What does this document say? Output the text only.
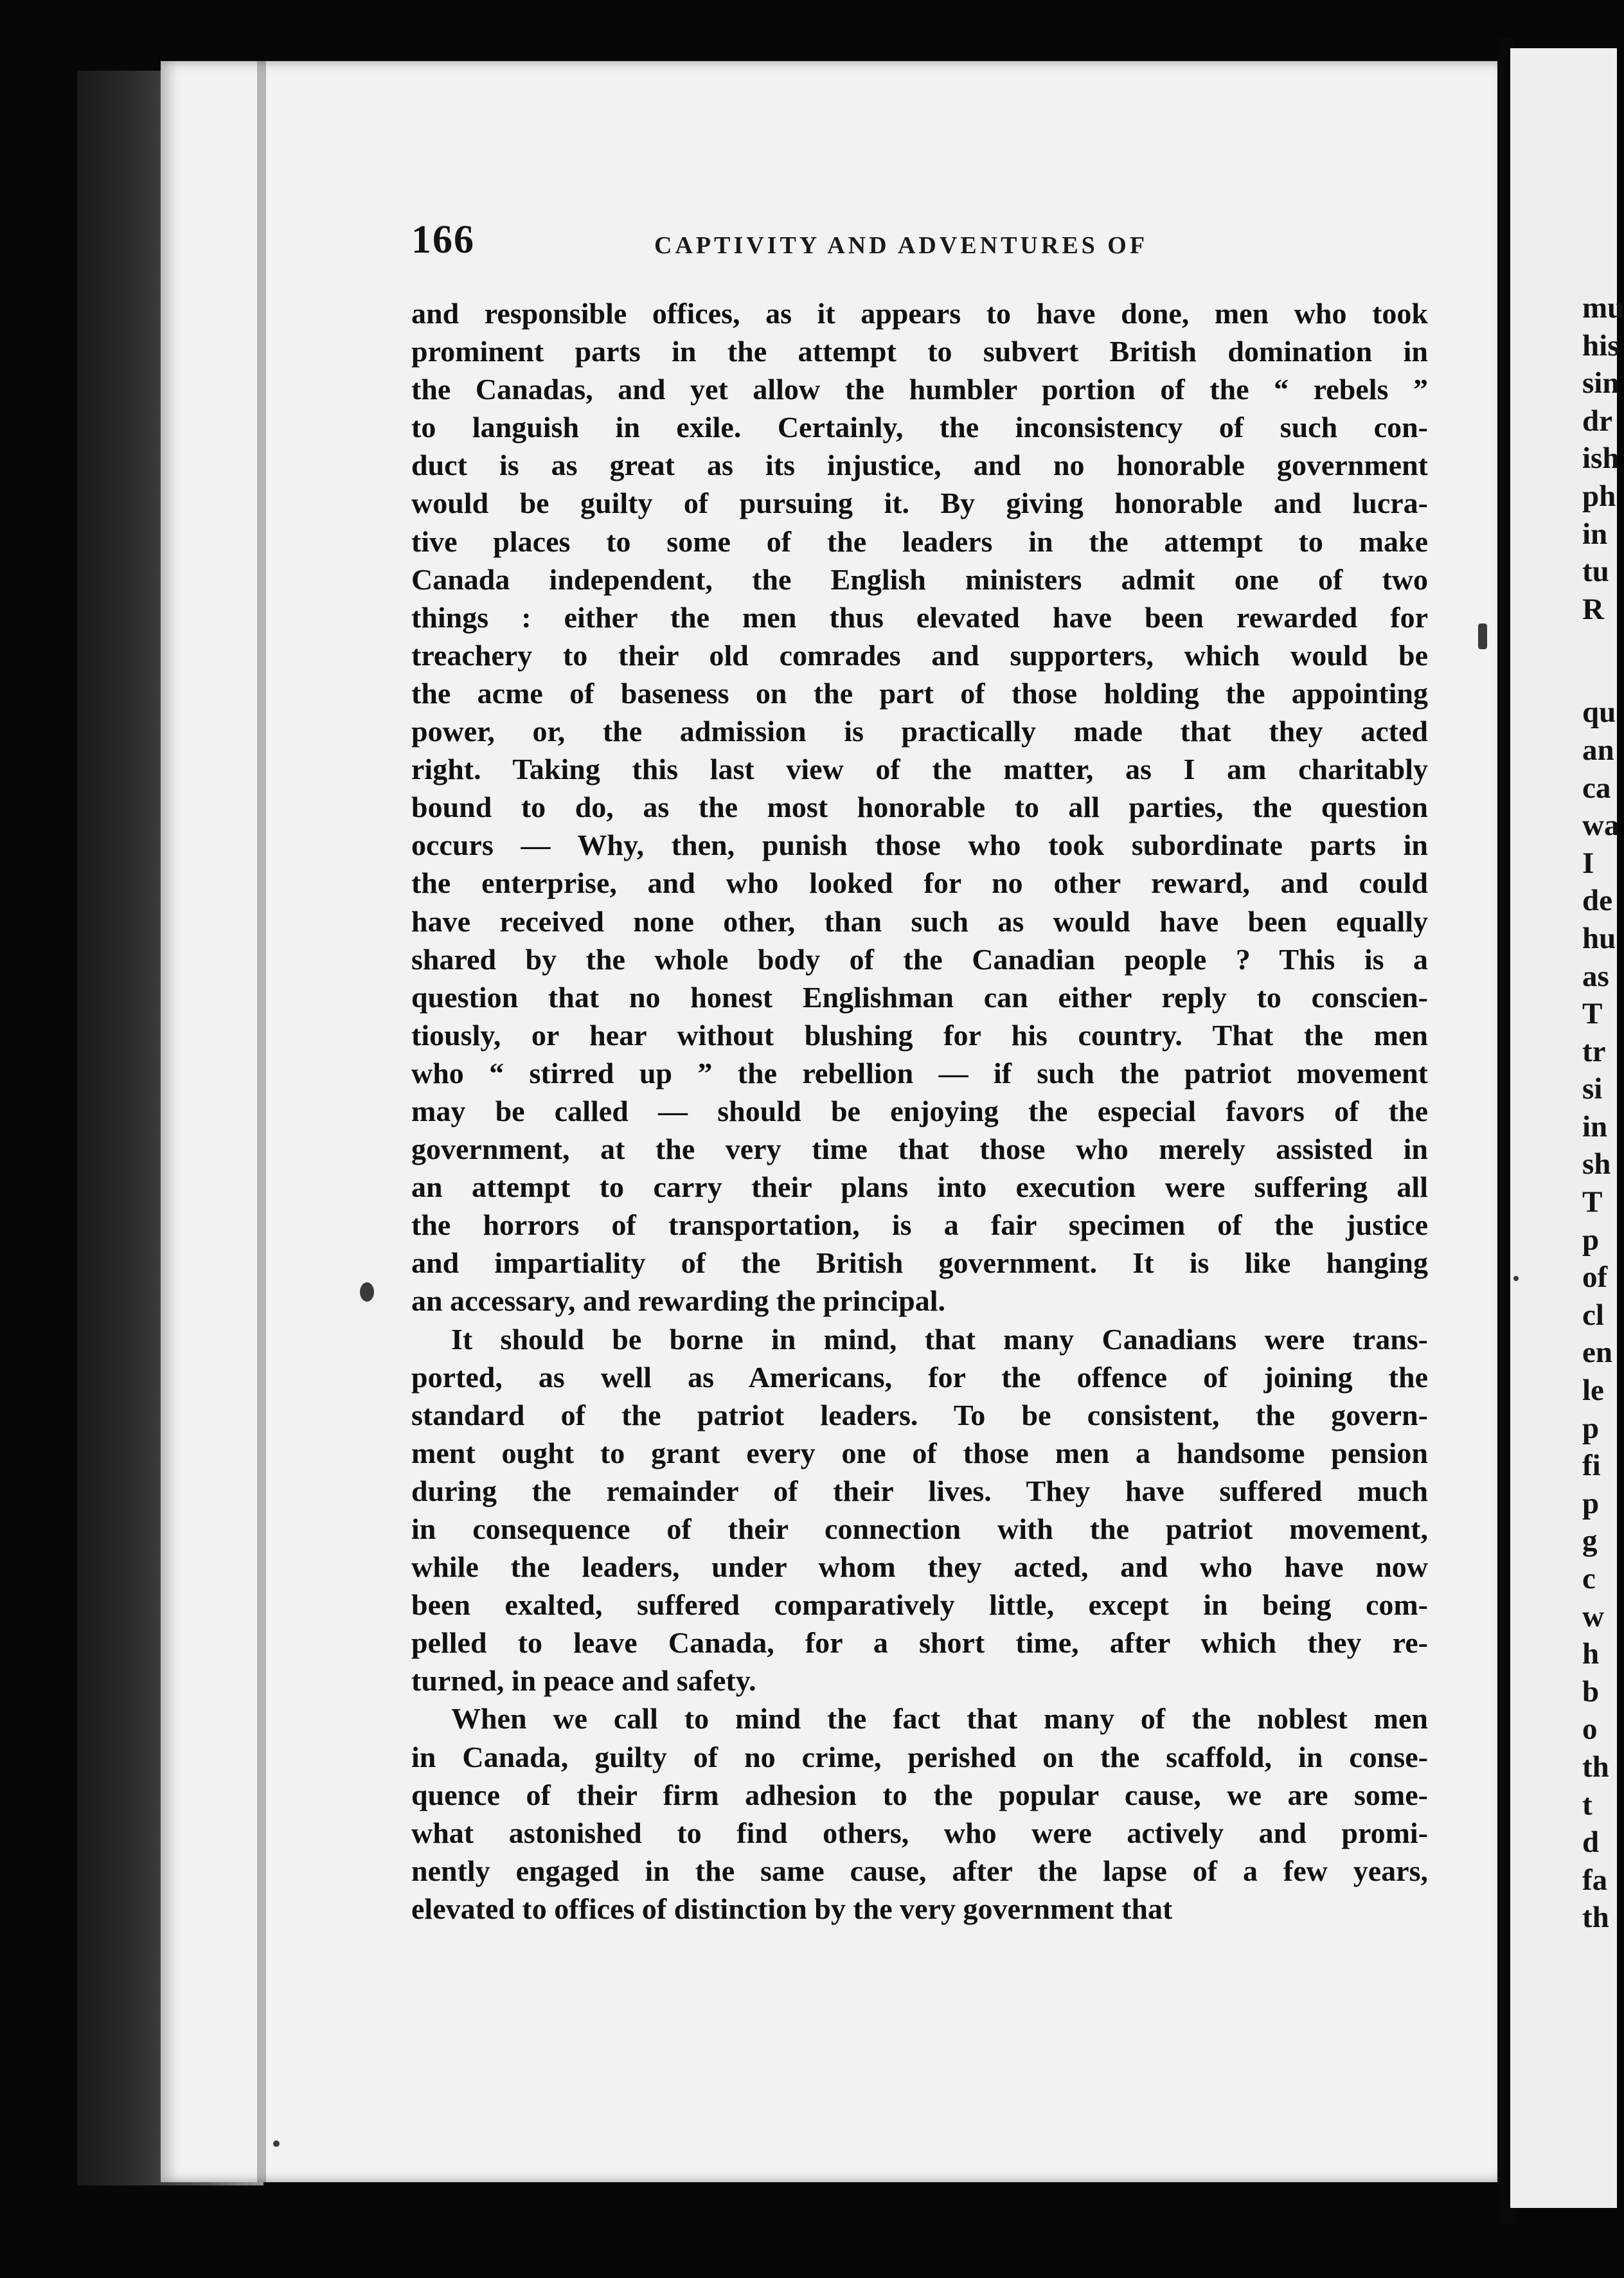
mu
his
sin
dr
ish
ph
in
tu
R
qu
an
ca
wa
I
de
hu
as
T
tr
si
in
sh
T
p
of
cl
en
le
p
fi
p
g
c
w
h
b
o
th
t
d
fa
th
166	CAPTIVITY AND ADVENTURES OF
and responsible offices, as it appears to have done, men who took
prominent parts in the attempt to subvert British domination in
the Canadas, and yet allow the humbler portion of the “ rebels ”
to languish in exile. Certainly, the inconsistency of such con-
duct is as great as its injustice, and no honorable government
would be guilty of pursuing it. By giving honorable and lucra-
tive places to some of the leaders in the attempt to make
Canada independent, the English ministers admit one of two
things : either the men thus elevated have been rewarded for
treachery to their old comrades and supporters, which would be
the acme of baseness on the part of those holding the appointing
power, or, the admission is practically made that they acted
right. Taking this last view of the matter, as I am charitably
bound to do, as the most honorable to all parties, the question
occurs — Why, then, punish those who took subordinate parts in
the enterprise, and who looked for no other reward, and could
have received none other, than such as would have been equally
shared by the whole body of the Canadian people ? This is a
question that no honest Englishman can either reply to conscien-
tiously, or hear without blushing for his country. That the men
who “ stirred up ” the rebellion — if such the patriot movement
may be called — should be enjoying the especial favors of the
government, at the very time that those who merely assisted in
an attempt to carry their plans into execution were suffering all
the horrors of transportation, is a fair specimen of the justice
and impartiality of the British government. It is like hanging
an accessary, and rewarding the principal.
It should be borne in mind, that many Canadians were trans-
ported, as well as Americans, for the offence of joining the
standard of the patriot leaders. To be consistent, the govern-
ment ought to grant every one of those men a handsome pension
during the remainder of their lives. They have suffered much
in consequence of their connection with the patriot movement,
while the leaders, under whom they acted, and who have now
been exalted, suffered comparatively little, except in being com-
pelled to leave Canada, for a short time, after which they re-
turned, in peace and safety.
When we call to mind the fact that many of the noblest men
in Canada, guilty of no crime, perished on the scaffold, in conse-
quence of their firm adhesion to the popular cause, we are some-
what astonished to find others, who were actively and promi-
nently engaged in the same cause, after the lapse of a few years,
elevated to offices of distinction by the very government that
